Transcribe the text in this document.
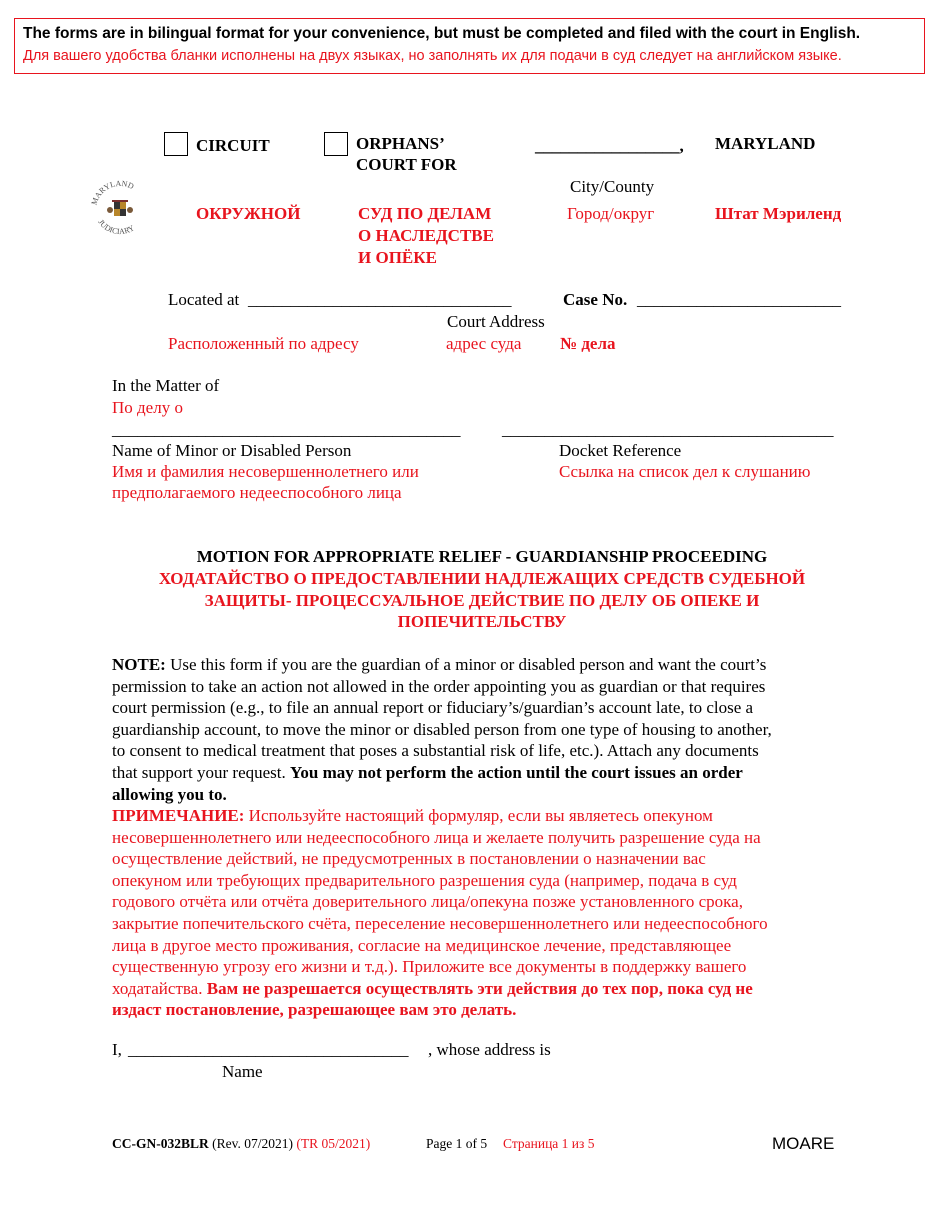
The forms are in bilingual format for your convenience, but must be completed and filed with the court in English.
Для вашего удобства бланки исполнены на двух языках, но заполнять их для подачи в суд следует на английском языке.
CIRCUIT	ORPHANS’
COURT FOR
_________________, MARYLAND
City/County
MARYLAND
JUDICIARY
ОКРУЖНОЙ	СУД ПО ДЕЛАМ
О НАСЛЕДСТВЕ
И ОПЁКЕ
Город/округ	Штат Мэриленд
Located at _______________________________	Case No. ________________________
Court Address
Расположенный по адресу	адрес суда № дела
In the Matter of
По делу о
_________________________________________ _______________________________________
Name of Minor or Disabled Person	Docket Reference
Имя и фамилия несовершеннолетнего или	Ссылка на список дел к слушанию
предполагаемого недееспособного лица
MOTION FOR APPROPRIATE RELIEF - GUARDIANSHIP PROCEEDING
ХОДАТАЙСТВО О ПРЕДОСТАВЛЕНИИ НАДЛЕЖАЩИХ СРЕДСТВ СУДЕБНОЙ
ЗАЩИТЫ- ПРОЦЕССУАЛЬНОЕ ДЕЙСТВИЕ ПО ДЕЛУ ОБ ОПЕКЕ И
ПОПЕЧИТЕЛЬСТВУ
NOTE: Use this form if you are the guardian of a minor or disabled person and want the court’s
permission to take an action not allowed in the order appointing you as guardian or that requires
court permission (e.g., to file an annual report or fiduciary’s/guardian’s account late, to close a
guardianship account, to move the minor or disabled person from one type of housing to another,
to consent to medical treatment that poses a substantial risk of life, etc.). Attach any documents
that support your request. You may not perform the action until the court issues an order
allowing you to.
ПРИМЕЧАНИЕ: Используйте настоящий формуляр, если вы являетесь опекуном
несовершеннолетнего или недееспособного лица и желаете получить разрешение суда на
осуществление действий, не предусмотренных в постановлении о назначении вас
опекуном или требующих предварительного разрешения суда (например, подача в суд
годового отчёта или отчёта доверительного лица/опекуна позже установленного срока,
закрытие попечительского счёта, переселение несовершеннолетнего или недееспособного
лица в другое место проживания, согласие на медицинское лечение, представляющее
существенную угрозу его жизни и т.д.). Приложите все документы в поддержку вашего
ходатайства. Вам не разрешается осуществлять эти действия до тех пор, пока суд не
издаст постановление, разрешающее вам это делать.
I, _________________________________ , whose address is
Name
CC-GN-032BLR (Rev. 07/2021) (TR 05/2021)	Page 1 of 5 Страница 1 из 5	MOARE
